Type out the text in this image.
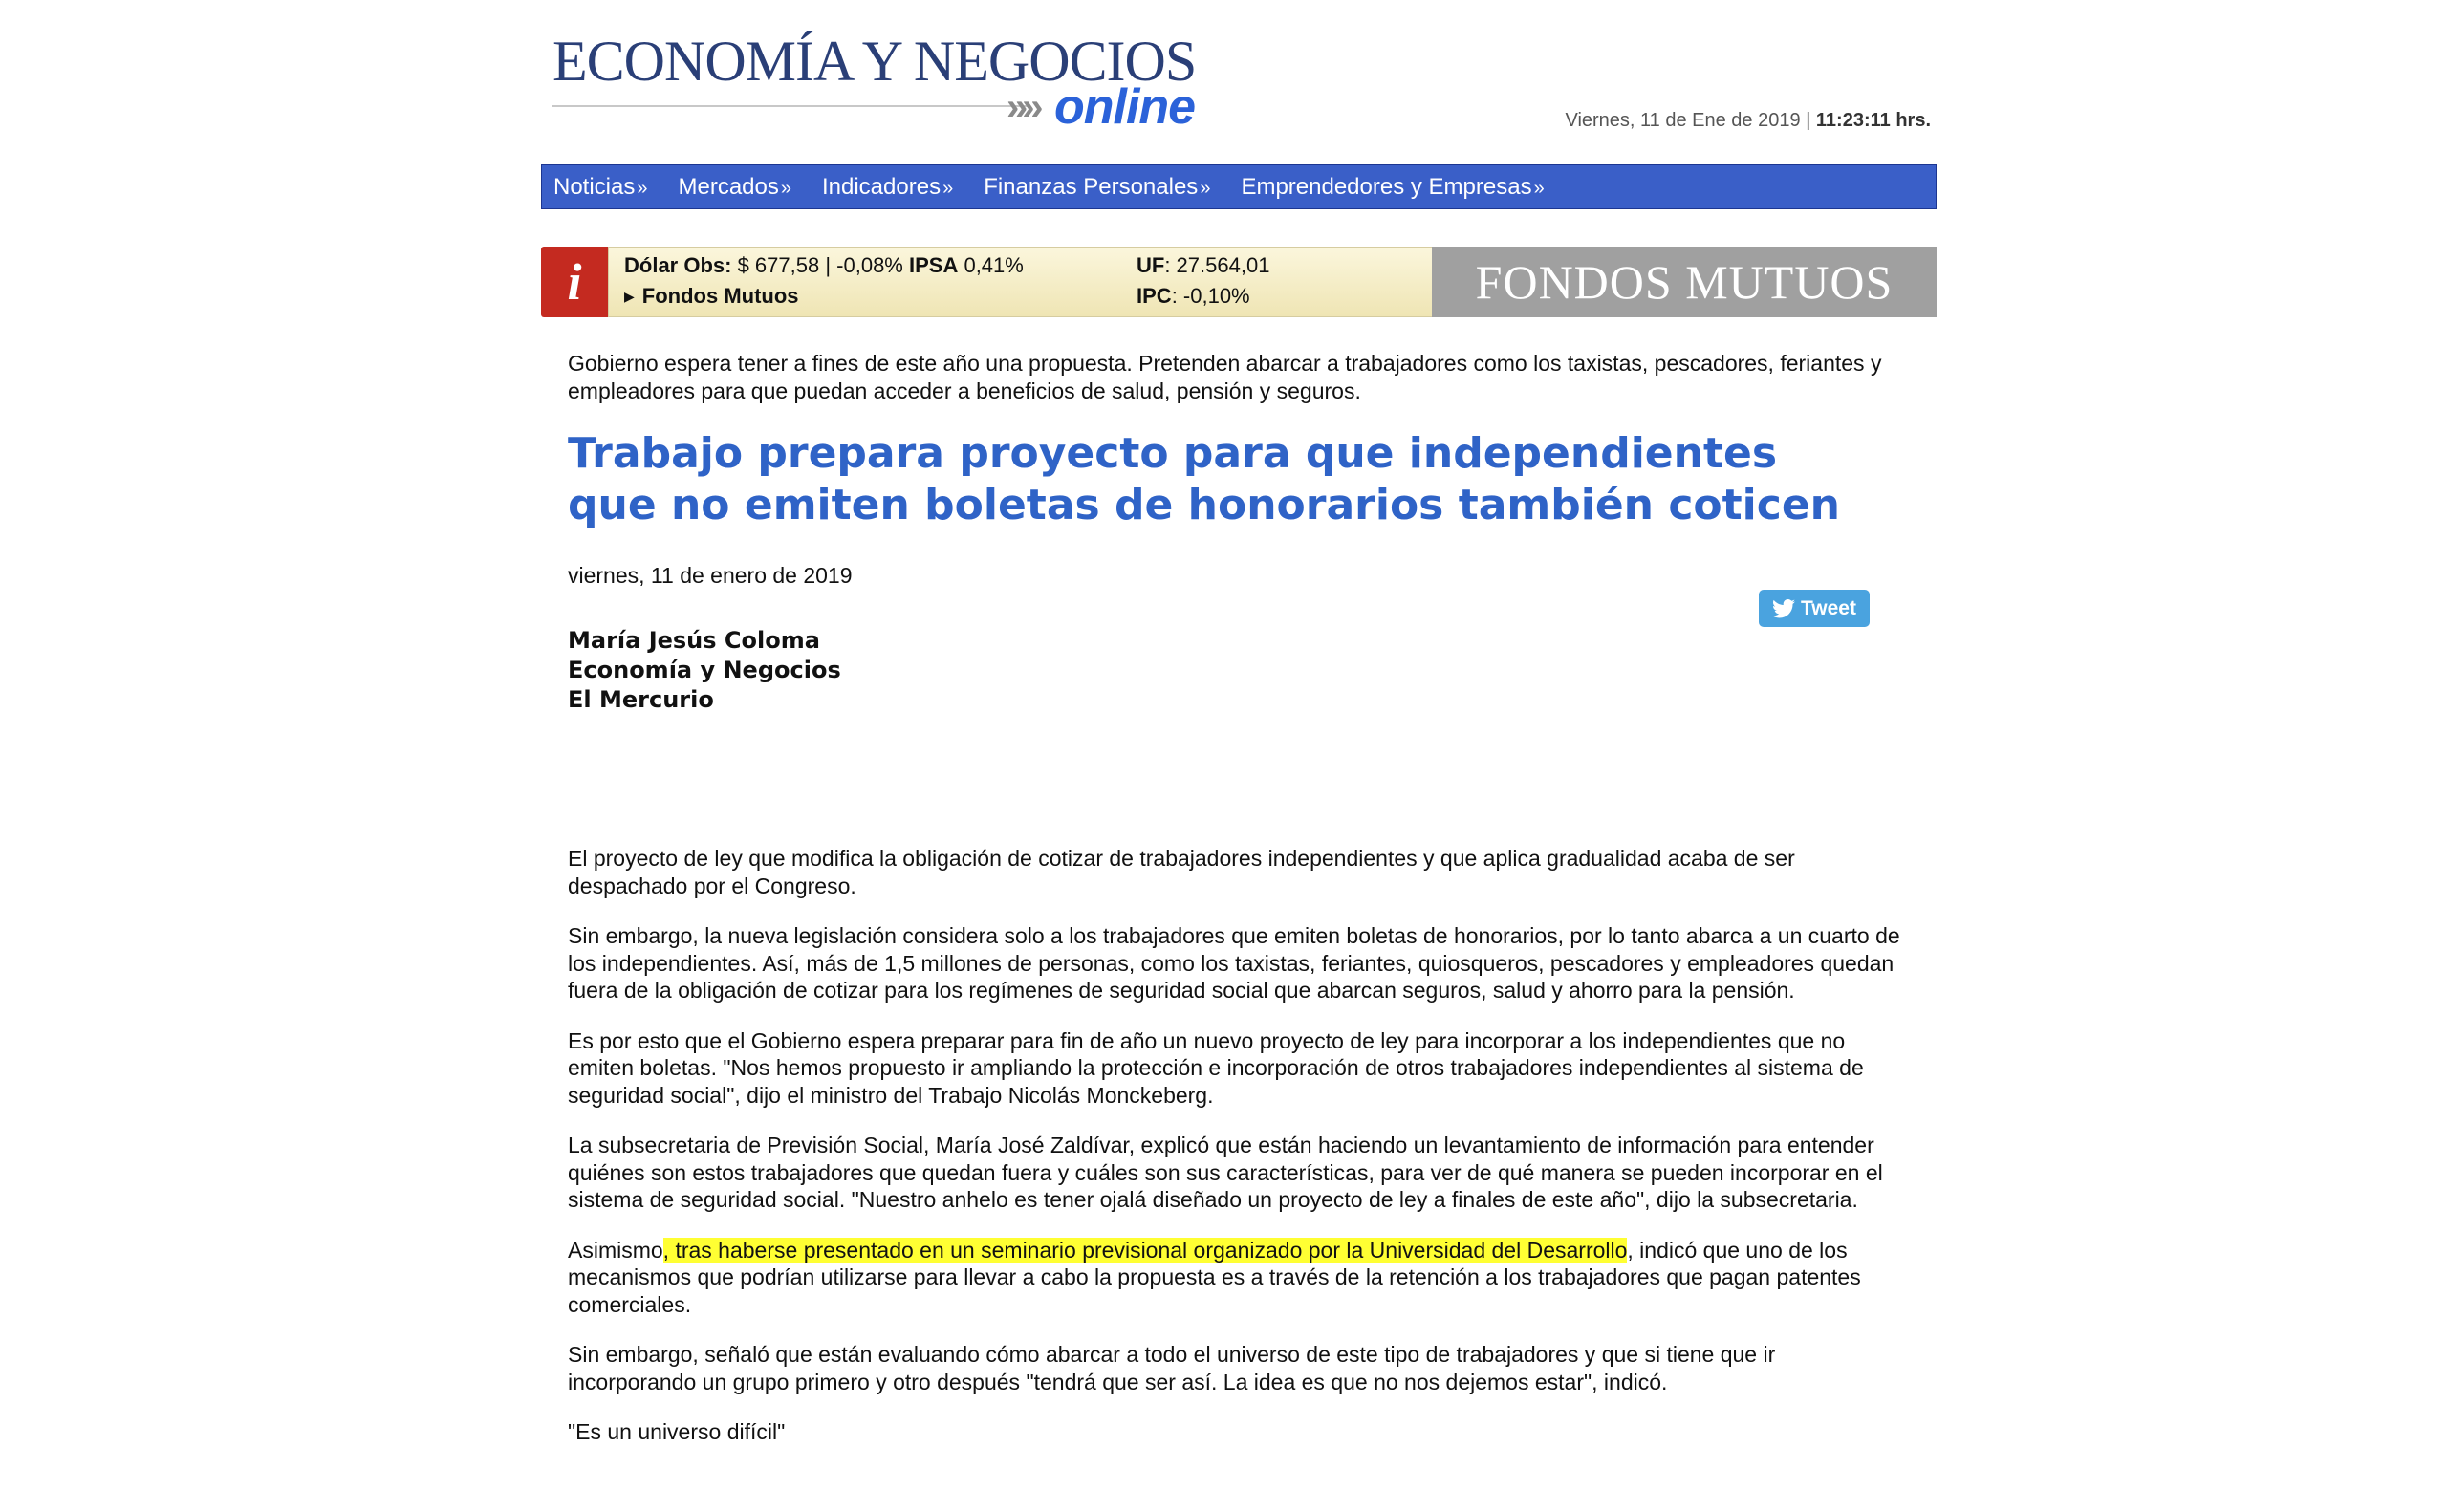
ECONOMÍA Y NEGOCIOS
»» online	Viernes, 11 de Ene de 2019 | 11:23:11 hrs.
Noticias » Mercados » Indicadores » Finanzas Personales » Emprendedores y Empresas »
i Dólar Obs: $ 677,58 | -0,08% IPSA 0,41%
▶ Fondos Mutuos
UF: 27.564,01
IPC: -0,10%	FONDOS MUTUOS
Gobierno espera tener a fines de este año una propuesta. Pretenden abarcar a trabajadores como los taxistas, pescadores, feriantes y empleadores para que puedan acceder a beneficios de salud, pensión y seguros.
Trabajo prepara proyecto para que independientes
que no emiten boletas de honorarios también coticen
viernes, 11 de enero de 2019
Tweet
María Jesús Coloma
Economía y Negocios
El Mercurio

El proyecto de ley que modifica la obligación de cotizar de trabajadores independientes y que aplica gradualidad acaba de ser despachado por el Congreso.

Sin embargo, la nueva legislación considera solo a los trabajadores que emiten boletas de honorarios, por lo tanto abarca a un cuarto de los independientes. Así, más de 1,5 millones de personas, como los taxistas, feriantes, quiosqueros, pescadores y empleadores quedan fuera de la obligación de cotizar para los regímenes de seguridad social que abarcan seguros, salud y ahorro para la pensión.

Es por esto que el Gobierno espera preparar para fin de año un nuevo proyecto de ley para incorporar a los independientes que no emiten boletas. "Nos hemos propuesto ir ampliando la protección e incorporación de otros trabajadores independientes al sistema de seguridad social", dijo el ministro del Trabajo Nicolás Monckeberg.

La subsecretaria de Previsión Social, María José Zaldívar, explicó que están haciendo un levantamiento de información para entender quiénes son estos trabajadores que quedan fuera y cuáles son sus características, para ver de qué manera se pueden incorporar en el sistema de seguridad social. "Nuestro anhelo es tener ojalá diseñado un proyecto de ley a finales de este año", dijo la subsecretaria.

Asimismo, tras haberse presentado en un seminario previsional organizado por la Universidad del Desarrollo, indicó que uno de los mecanismos que podrían utilizarse para llevar a cabo la propuesta es a través de la retención a los trabajadores que pagan patentes comerciales.

Sin embargo, señaló que están evaluando cómo abarcar a todo el universo de este tipo de trabajadores y que si tiene que ir incorporando un grupo primero y otro después "tendrá que ser así. La idea es que no nos dejemos estar", indicó.

"Es un universo difícil"
